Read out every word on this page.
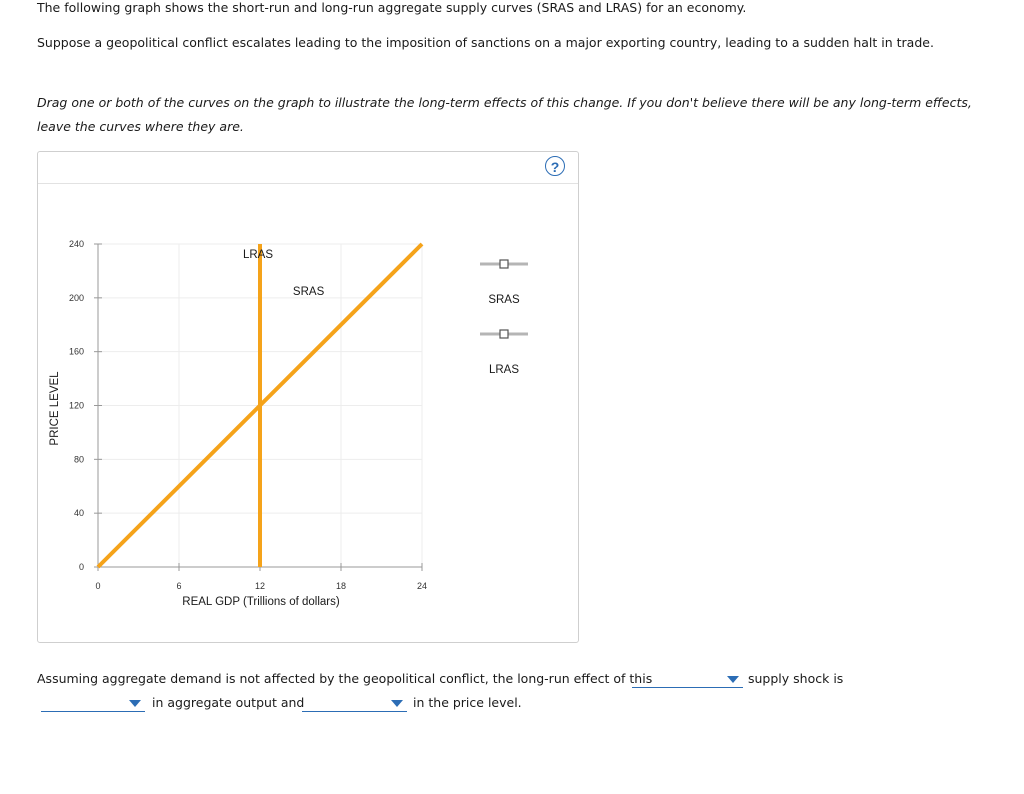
The following graph shows the short-run and long-run aggregate supply curves (SRAS and LRAS) for an economy.
Suppose a geopolitical conflict escalates leading to the imposition of sanctions on a major exporting country, leading to a sudden halt in trade.
Drag one or both of the curves on the graph to illustrate the long-term effects of this change. If you don't believe there will be any long-term effects,
leave the curves where they are.
?
0	6	12	18	24
0
40
80
120
160
200
240
REAL GDP (Trillions of dollars)
PRICE LEVEL
LRAS
SRAS
SRAS
LRAS
Assuming aggregate demand is not affected by the geopolitical conflict, the long-run effect of this	supply shock is
in aggregate output and	in the price level.
